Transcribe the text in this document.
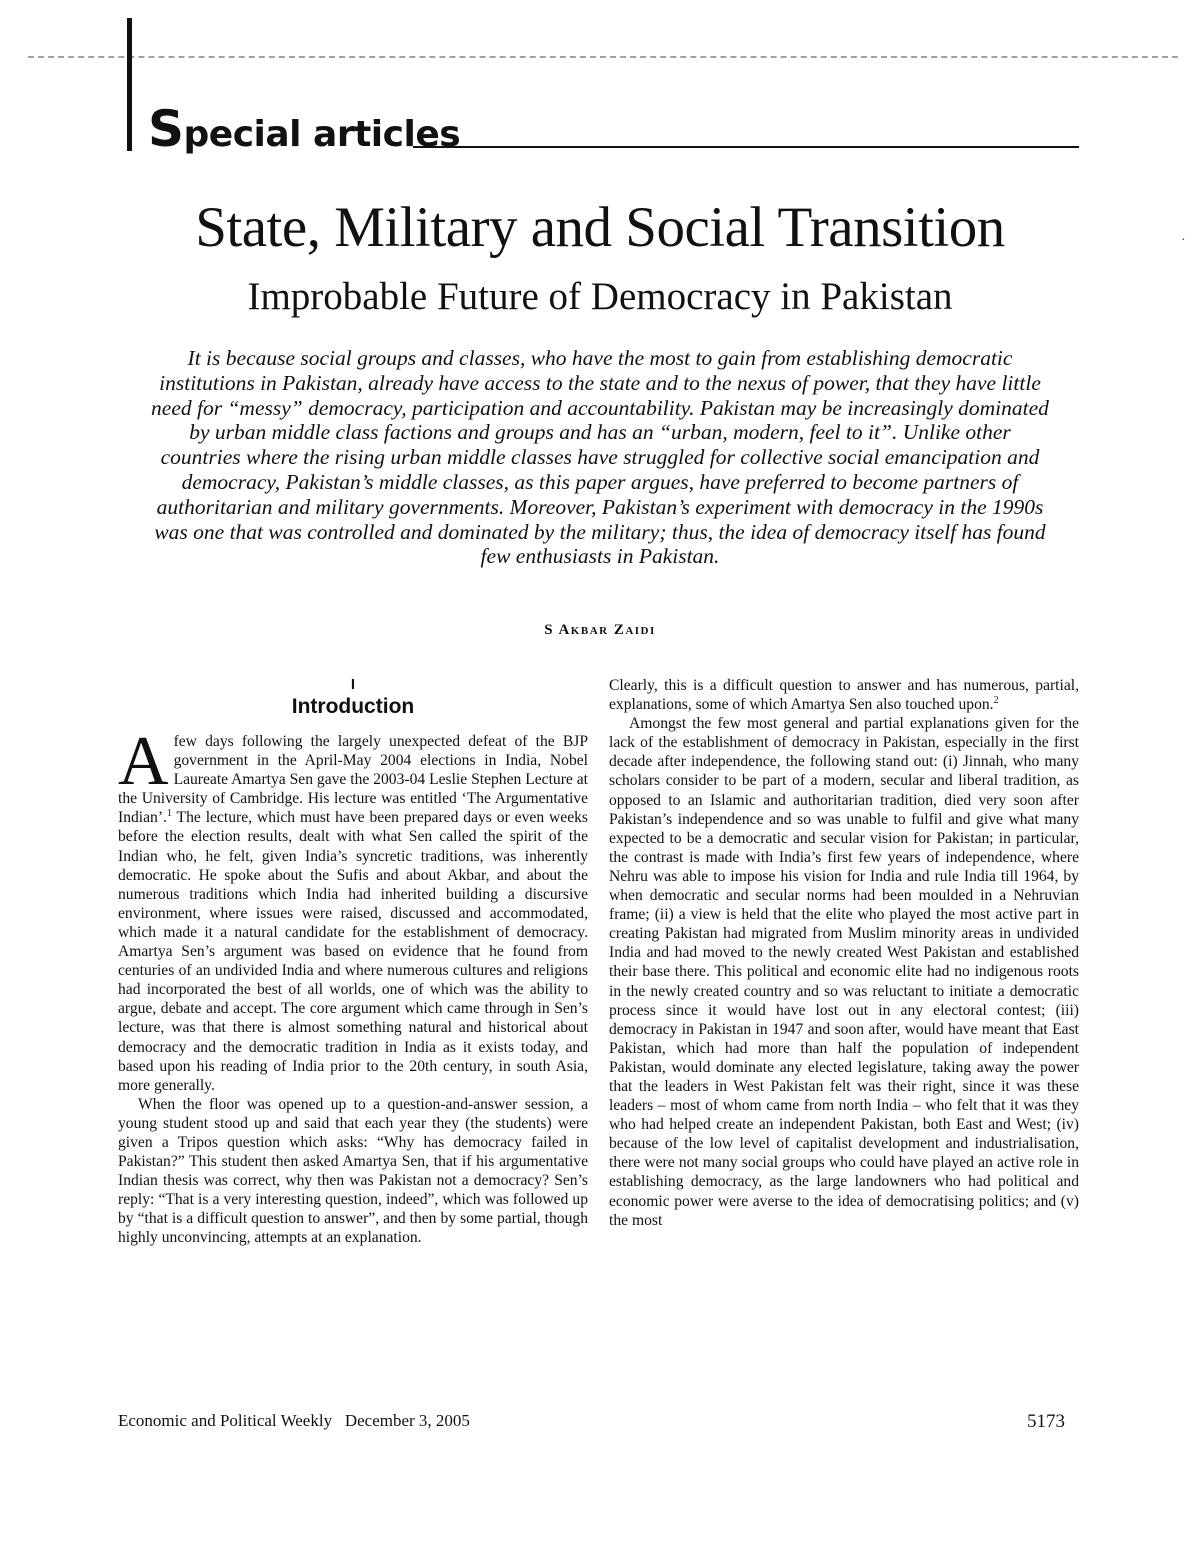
Special articles
·
State, Military and Social Transition
Improbable Future of Democracy in Pakistan

It is because social groups and classes, who have the most to gain from establishing democratic institutions in Pakistan, already have access to the state and to the nexus of power, that they have little need for “messy” democracy, participation and accountability. Pakistan may be increasingly dominated by urban middle class factions and groups and has an “urban, modern, feel to it”. Unlike other countries where the rising urban middle classes have struggled for collective social emancipation and democracy, Pakistan’s middle classes, as this paper argues, have preferred to become partners of authoritarian and military governments. Moreover, Pakistan’s experiment with democracy in the 1990s was one that was controlled and dominated by the military; thus, the idea of democracy itself has found few enthusiasts in Pakistan.

S Akbar Zaidi
I
Introduction

Afew days following the largely unexpected defeat of the BJP government in the April-May 2004 elections in India, Nobel Laureate Amartya Sen gave the 2003-04 Leslie Stephen Lecture at the University of Cambridge. His lecture was entitled ‘The Argumentative Indian’.$^1$ The lecture, which must have been prepared days or even weeks before the election results, dealt with what Sen called the spirit of the Indian who, he felt, given India’s syncretic traditions, was inherently democratic. He spoke about the Sufis and about Akbar, and about the numerous traditions which India had inherited building a discursive environment, where issues were raised, discussed and accommodated, which made it a natural candidate for the establishment of democracy. Amartya Sen’s argument was based on evidence that he found from centuries of an undivided India and where numerous cultures and religions had incorporated the best of all worlds, one of which was the ability to argue, debate and accept. The core argument which came through in Sen’s lecture, was that there is almost something natural and historical about democracy and the democratic tradition in India as it exists today, and based upon his reading of India prior to the 20th century, in south Asia, more generally.

When the floor was opened up to a question-and-answer session, a young student stood up and said that each year they (the students) were given a Tripos question which asks: “Why has democracy failed in Pakistan?” This student then asked Amartya Sen, that if his argumentative Indian thesis was correct, why then was Pakistan not a democracy? Sen’s reply: “That is a very interesting question, indeed”, which was followed up by “that is a difficult question to answer”, and then by some partial, though highly unconvincing, attempts at an explanation.

Clearly, this is a difficult question to answer and has numerous, partial, explanations, some of which Amartya Sen also touched upon.$^2$

Amongst the few most general and partial explanations given for the lack of the establishment of democracy in Pakistan, especially in the first decade after independence, the following stand out: (i) Jinnah, who many scholars consider to be part of a modern, secular and liberal tradition, as opposed to an Islamic and authoritarian tradition, died very soon after Pakistan’s independence and so was unable to fulfil and give what many expected to be a democratic and secular vision for Pakistan; in particular, the contrast is made with India’s first few years of independence, where Nehru was able to impose his vision for India and rule India till 1964, by when democratic and secular norms had been moulded in a Nehruvian frame; (ii) a view is held that the elite who played the most active part in creating Pakistan had migrated from Muslim minority areas in undivided India and had moved to the newly created West Pakistan and established their base there. This political and economic elite had no indigenous roots in the newly created country and so was reluctant to initiate a democratic process since it would have lost out in any electoral contest; (iii) democracy in Pakistan in 1947 and soon after, would have meant that East Pakistan, which had more than half the population of independent Pakistan, would dominate any elected legislature, taking away the power that the leaders in West Pakistan felt was their right, since it was these leaders – most of whom came from north India – who felt that it was they who had helped create an independent Pakistan, both East and West; (iv) because of the low level of capitalist development and industrialisation, there were not many social groups who could have played an active role in establishing democracy, as the large landowners who had political and economic power were averse to the idea of democratising politics; and (v) the most

Economic and Political Weekly December 3, 2005	5173
